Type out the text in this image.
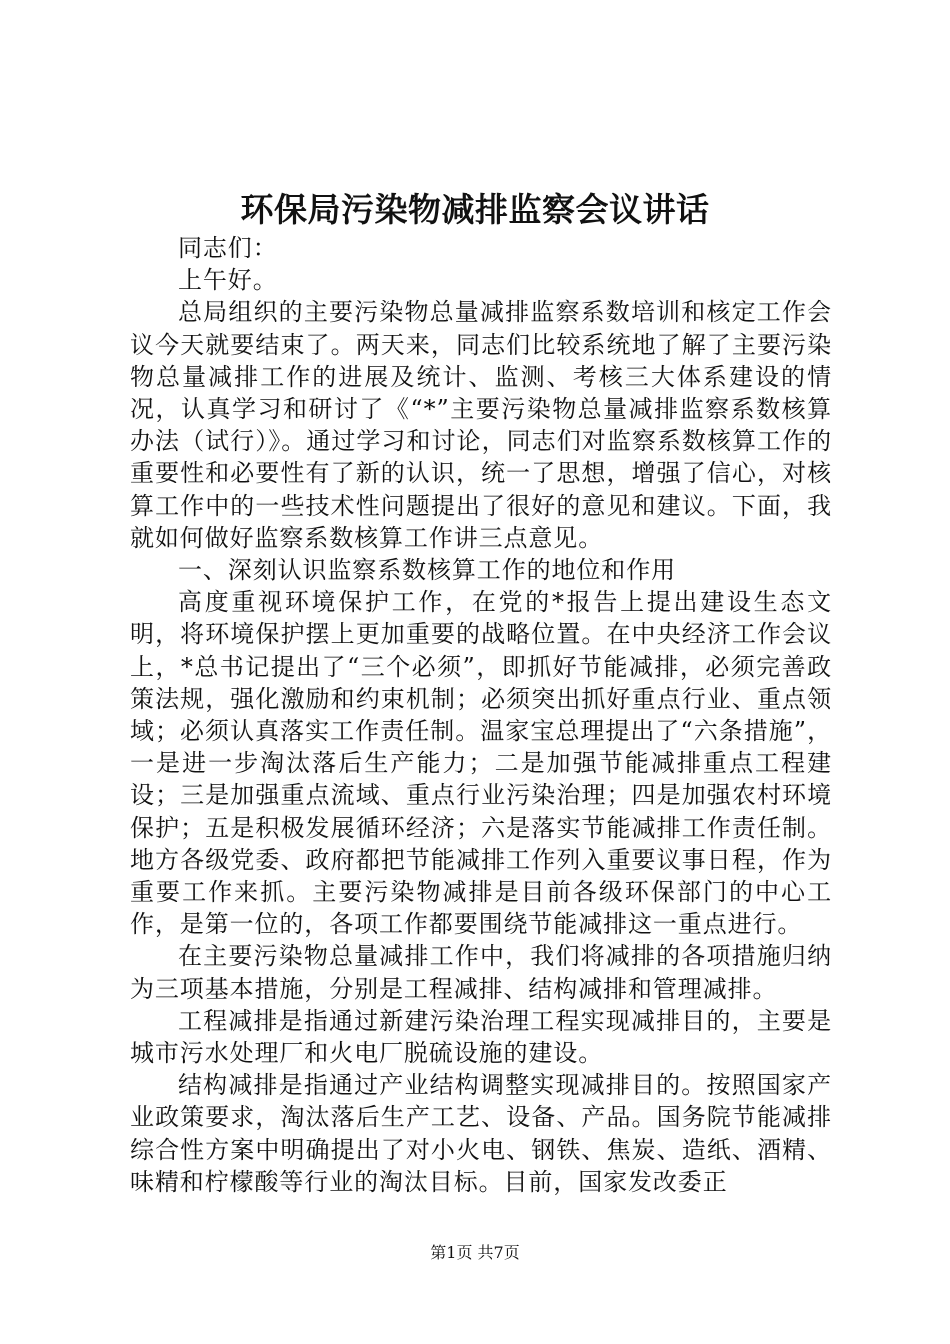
环保局污染物减排监察会议讲话

同志们：

上午好。

总局组织的主要污染物总量减排监察系数培训和核定工作会议今天就要结束了。两天来，同志们比较系统地了解了主要污染物总量减排工作的进展及统计、监测、考核三大体系建设的情况，认真学习和研讨了《“*”主要污染物总量减排监察系数核算办法（试行）》。通过学习和讨论，同志们对监察系数核算工作的重要性和必要性有了新的认识，统一了思想，增强了信心，对核算工作中的一些技术性问题提出了很好的意见和建议。下面，我就如何做好监察系数核算工作讲三点意见。

一、深刻认识监察系数核算工作的地位和作用

高度重视环境保护工作，在党的*报告上提出建设生态文明，将环境保护摆上更加重要的战略位置。在中央经济工作会议上，*总书记提出了“三个必须”，即抓好节能减排，必须完善政策法规，强化激励和约束机制；必须突出抓好重点行业、重点领域；必须认真落实工作责任制。温家宝总理提出了“六条措施”，一是进一步淘汰落后生产能力；二是加强节能减排重点工程建设；三是加强重点流域、重点行业污染治理；四是加强农村环境保护；五是积极发展循环经济；六是落实节能减排工作责任制。地方各级党委、政府都把节能减排工作列入重要议事日程，作为重要工作来抓。主要污染物减排是目前各级环保部门的中心工作，是第一位的，各项工作都要围绕节能减排这一重点进行。

在主要污染物总量减排工作中，我们将减排的各项措施归纳为三项基本措施，分别是工程减排、结构减排和管理减排。

工程减排是指通过新建污染治理工程实现减排目的，主要是城市污水处理厂和火电厂脱硫设施的建设。

结构减排是指通过产业结构调整实现减排目的。按照国家产业政策要求，淘汰落后生产工艺、设备、产品。国务院节能减排综合性方案中明确提出了对小火电、钢铁、焦炭、造纸、酒精、味精和柠檬酸等行业的淘汰目标。目前，国家发改委正

第1页 共7页
